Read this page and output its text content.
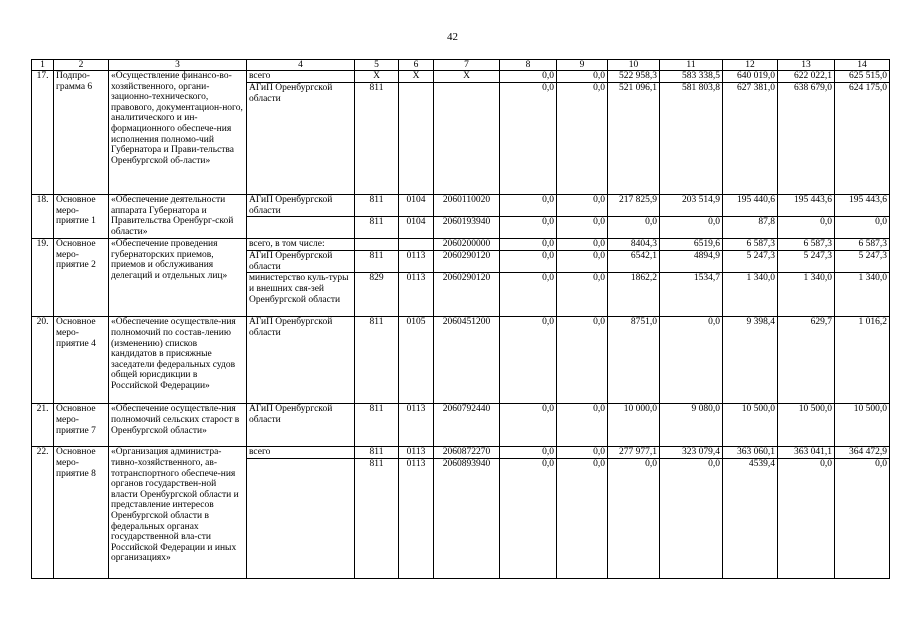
42
1	2	3	4	5	6	7	8	9	10	11	12	13	14
17.	Подпро-грамма 6	«Осуществление финансо-во-хозяйственного, органи-зационно-технического, правового, документацион-ного, аналитического и ин-формационного обеспече-ния исполнения полномо-чий Губернатора и Прави-тельства Оренбургской об-ласти»	всего	Х	Х	Х	0,0	0,0	522 958,3	583 338,5	640 019,0	622 022,1	625 515,0
			АГиП Оренбургской области	811			0,0	0,0	521 096,1	581 803,8	627 381,0	638 679,0	624 175,0
18.	Основное меро-приятие 1	«Обеспечение деятельности аппарата Губернатора и Правительства Оренбург-ской области»	АГиП Оренбургской области	811	0104	2060110020	0,0	0,0	217 825,9	203 514,9	195 440,6	195 443,6	195 443,6
				811	0104	2060193940	0,0	0,0	0,0	0,0	87,8	0,0	0,0
19.	Основное меро-приятие 2	«Обеспечение проведения губернаторских приемов, приемов и обслуживания делегаций и отдельных лиц»	всего, в том числе:			2060200000	0,0	0,0	8404,3	6519,6	6 587,3	6 587,3	6 587,3
			АГиП Оренбургской области	811	0113	2060290120	0,0	0,0	6542,1	4894,9	5 247,3	5 247,3	5 247,3
			министерство куль-туры и внешних свя-зей Оренбургской области	829	0113	2060290120	0,0	0,0	1862,2	1534,7	1 340,0	1 340,0	1 340,0
20.	Основное меро-приятие 4	«Обеспечение осуществле-ния полномочий по состав-лению (изменению) списков кандидатов в присяжные заседатели федеральных судов общей юрисдикции в Российской Федерации»	АГиП Оренбургской области	811	0105	2060451200	0,0	0,0	8751,0	0,0	9 398,4	629,7	1 016,2
21.	Основное меро-приятие 7	«Обеспечение осуществле-ния полномочий сельских старост в Оренбургской области»	АГиП Оренбургской области	811	0113	2060792440	0,0	0,0	10 000,0	9 080,0	10 500,0	10 500,0	10 500,0
22.	Основное меро-приятие 8	«Организация администра-тивно-хозяйственного, ав-тотранспортного обеспече-ния органов государствен-ной власти Оренбургской области и представление интересов Оренбургской области в федеральных органах государственной вла-сти Российской Федерации и иных организациях»	всего	811	0113	2060872270	0,0	0,0	277 977,1	323 079,4	363 060,1	363 041,1	364 472,9
				811	0113	2060893940	0,0	0,0	0,0	0,0	4539,4	0,0	0,0
